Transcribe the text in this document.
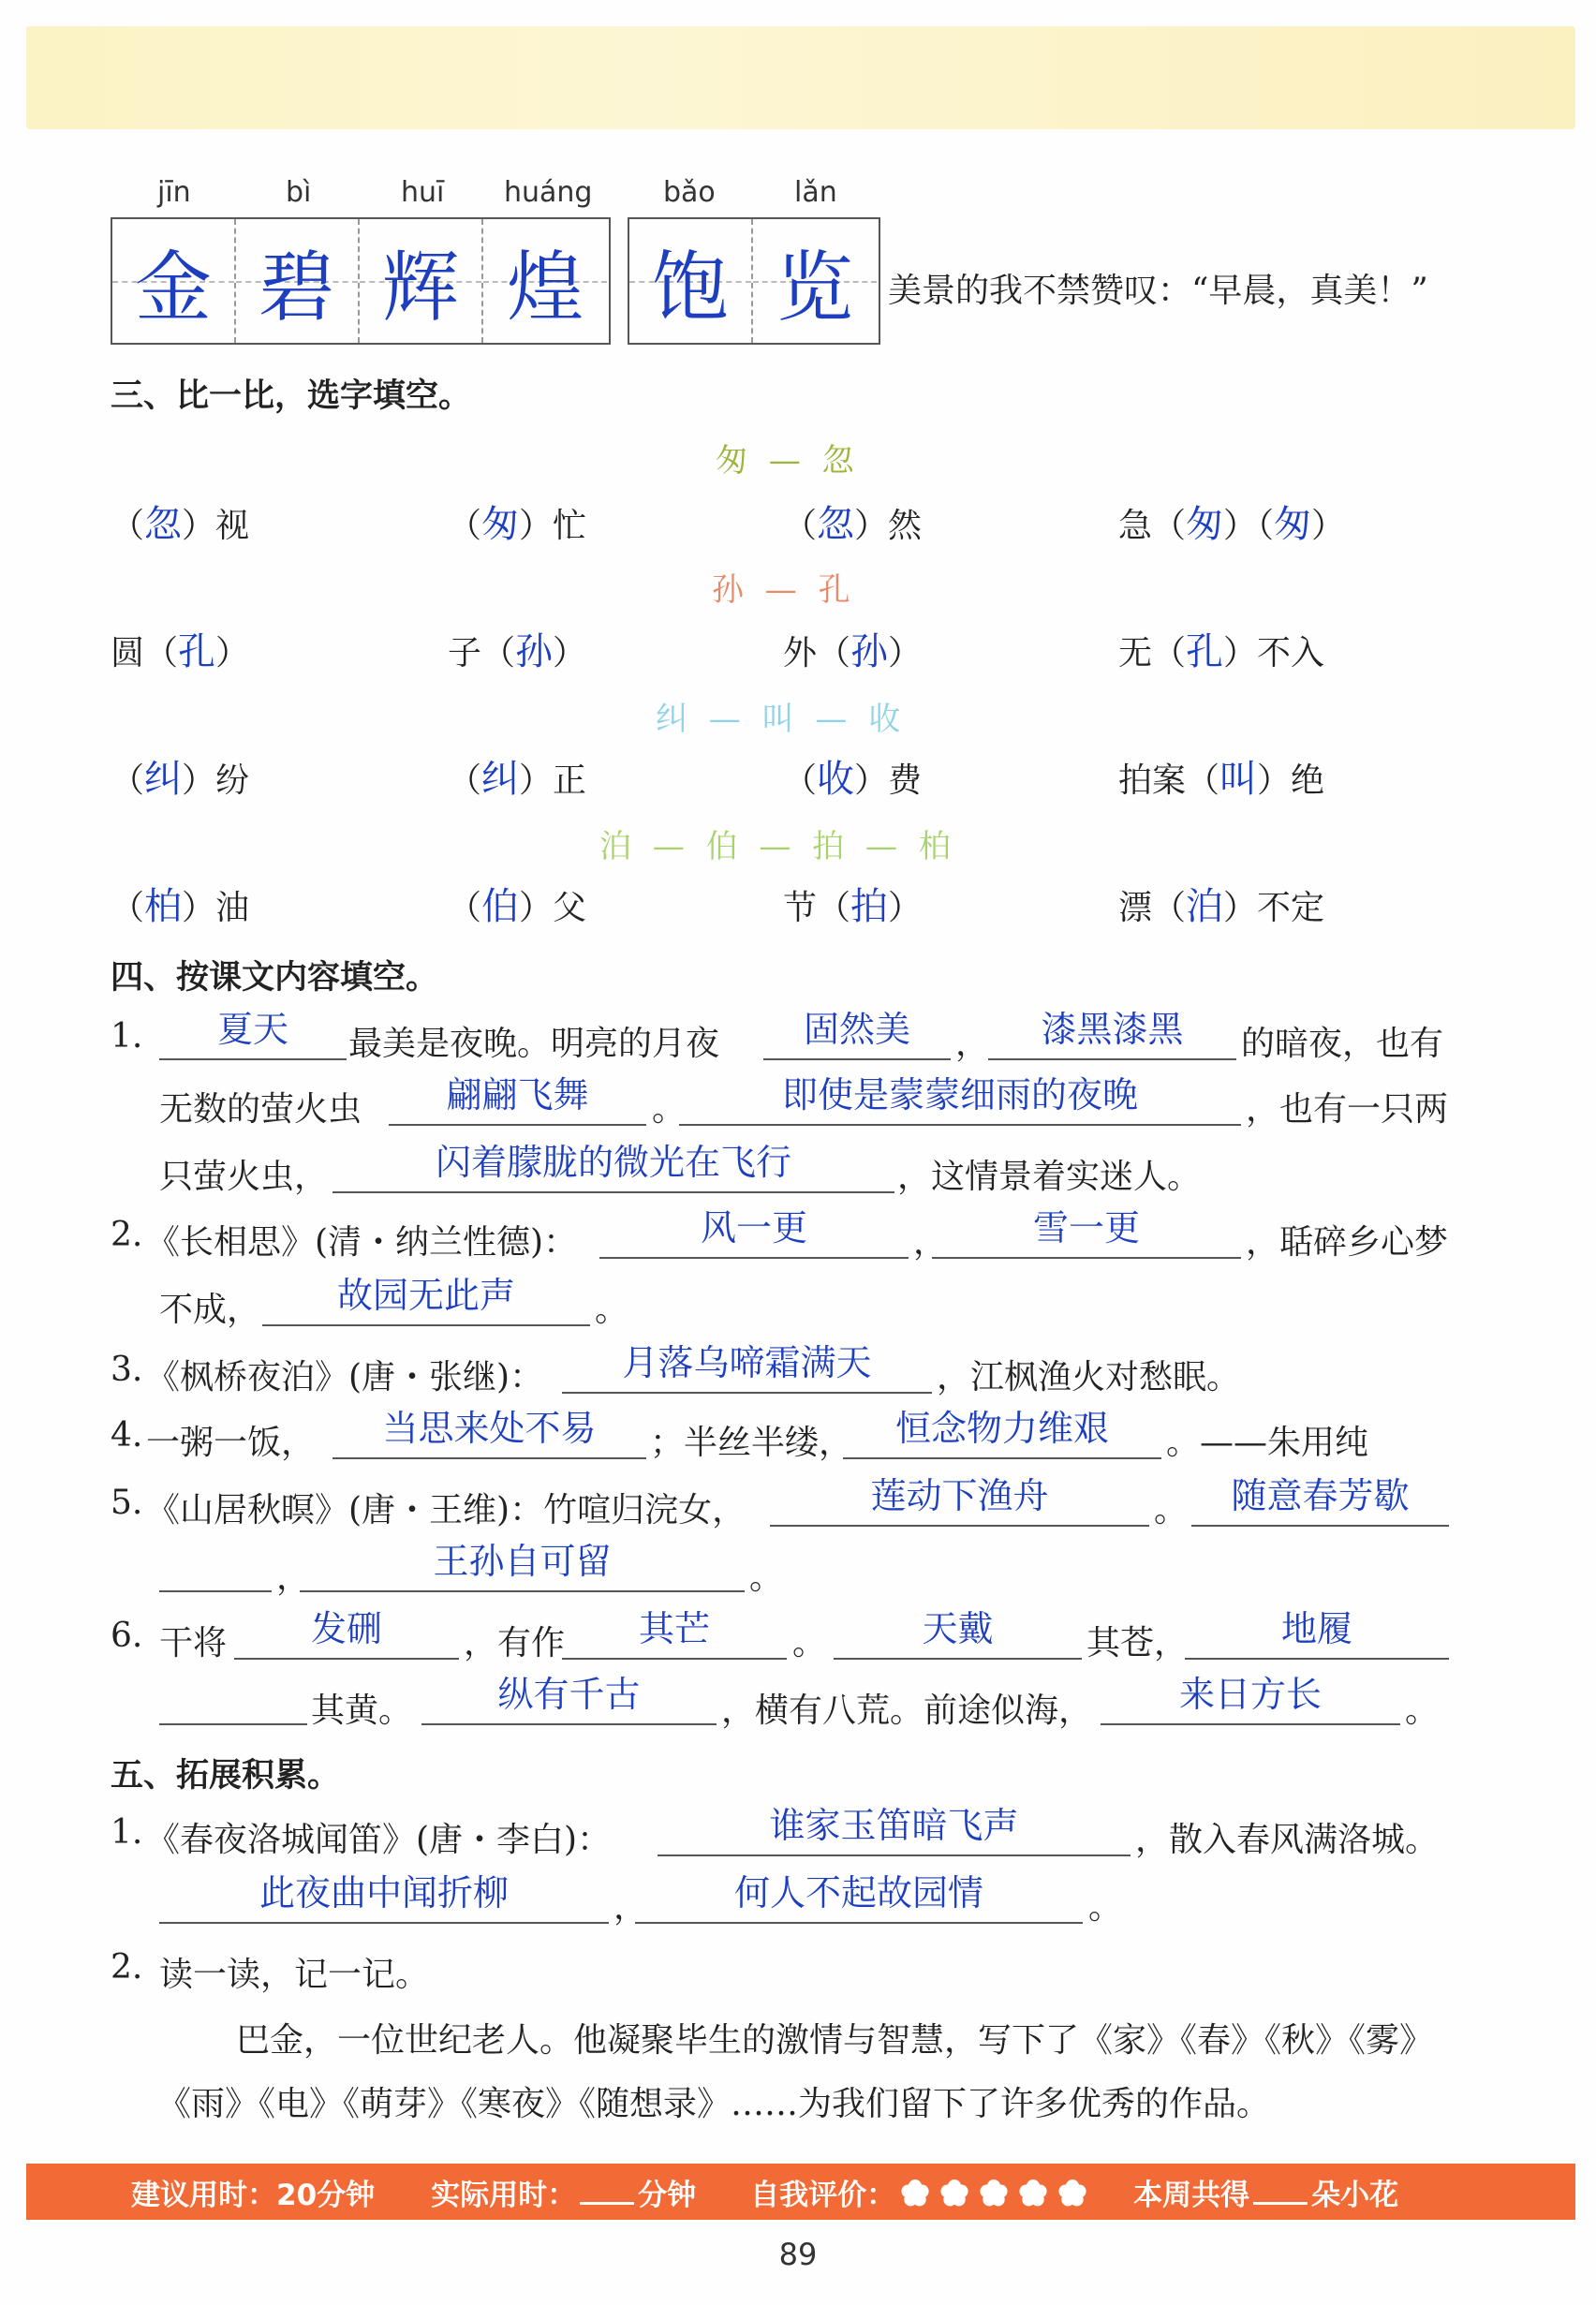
jīn	bì	huī huáng	bǎo	lǎn
金 碧 辉 煌 饱 览 美景的我不禁赞叹：“早晨，真美！”
三、比一比，选字填空。
匆 — 忽
（忽）视	（匆）忙	（忽）然	急（匆）（匆）
孙 — 孔
圆（孔）	子（孙）	外（孙）	无（孔）不入
纠 — 叫 — 收
（纠）纷	（纠）正	（收）费	拍案（叫）绝
泊 — 伯 — 拍 — 柏
（柏）油	（伯）父	节（拍）	漂（泊）不定
四、按课文内容填空。
1.	夏天	最美是夜晚。明亮的月夜	固然美	，	漆黑漆黑	的暗夜，也有
无数的萤火虫	翩翩飞舞	。	即使是蒙蒙细雨的夜晚	，也有一只两
只萤火虫，	闪着朦胧的微光在飞行	，这情景着实迷人。
2. 《长相思》(清・纳兰性德)：	风一更	，	雪一更	，聒碎乡心梦
不成，	故园无此声	。
3. 《枫桥夜泊》(唐・张继)：	月落乌啼霜满天	，江枫渔火对愁眠。
4. 一粥一饭，	当思来处不易	；半丝半缕，	恒念物力维艰	。——朱用纯
5. 《山居秋暝》(唐・王维)：竹喧归浣女，	莲动下渔舟	。	随意春芳歇
，	王孙自可留	。
6. 干将	发硎	，有作	其芒	。	天戴	其苍，	地履
其黄。	纵有千古	，横有八荒。前途似海，	来日方长	。
五、拓展积累。
1. 《春夜洛城闻笛》(唐・李白)：	谁家玉笛暗飞声	，散入春风满洛城。
此夜曲中闻折柳	，	何人不起故园情	。
2. 读一读，记一记。
巴金，一位世纪老人。他凝聚毕生的激情与智慧，写下了《家》《春》《秋》《雾》
《雨》《电》《萌芽》《寒夜》《随想录》……为我们留下了许多优秀的作品。
建议用时：20分钟 实际用时： 分钟 自我评价：	本周共得 朵小花
89
